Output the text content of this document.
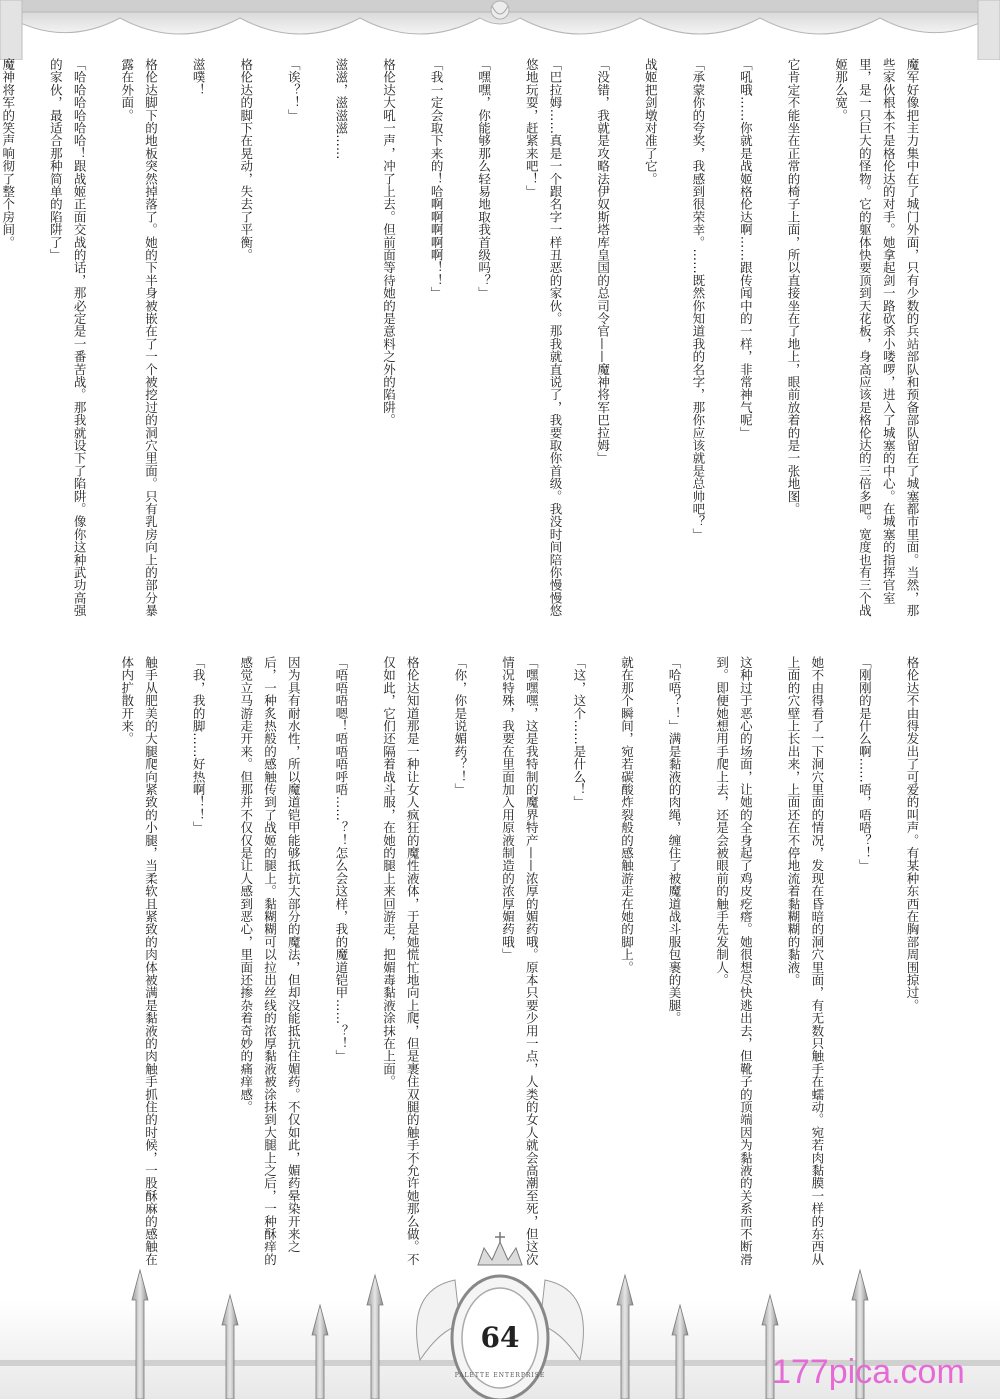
魔军好像把主力集中在了城门外面，只有少数的兵站部队和预备部队留在了城塞都市里面。当然，那些家伙根本不是格伦达的对手。她拿起剑一路砍杀小喽啰，进入了城塞的中心。在城塞的指挥官室里，是一只巨大的怪物。它的躯体快要顶到天花板，身高应该是格伦达的三倍多吧。宽度也有三个战姬那么宽。

它肯定不能坐在正常的椅子上面，所以直接坐在了地上，眼前放着的是一张地图。

「吼哦……你就是战姬格伦达啊……跟传闻中的一样，非常神气呢」

「承蒙你的夸奖，我感到很荣幸。……既然你知道我的名字，那你应该就是总帅吧？」

战姬把剑墩对准了它。

「没错，我就是攻略法伊奴斯塔库皇国的总司令官——魔神将军巴拉姆」

「巴拉姆……真是一个跟名字一样丑恶的家伙。那我就直说了，我要取你首级。我没时间陪你慢慢悠悠地玩耍，赶紧来吧！」

「嘿嘿，你能够那么轻易地取我首级吗？」

「我一定会取下来的！哈啊啊啊啊啊！！」

格伦达大吼一声，冲了上去。但前面等待她的是意料之外的陷阱。

滋滋，滋滋滋……

「诶？！」

格伦达的脚下在晃动，失去了平衡。

滋噗！

格伦达脚下的地板突然掉落了。她的下半身被嵌在了一个被挖过的洞穴里面。只有乳房向上的部分暴露在外面。

「哈哈哈哈哈哈！跟战姬正面交战的话，那必定是一番苦战。那我就设下了陷阱。像你这种武功高强的家伙，最适合那种简单的陷阱了」

魔神将军的笑声响彻了整个房间。

格伦达不由得发出了可爱的叫声。有某种东西在胸部周围掠过。

「刚刚的是什么啊……唔，唔唔？！」

她不由得看了一下洞穴里面的情况，发现在昏暗的洞穴里面，有无数只触手在蠕动。宛若肉黏膜一样的东西从上面的穴壁上长出来，上面还在不停地流着黏糊糊的黏液。

这种过于恶心的场面，让她的全身起了鸡皮疙瘩。她很想尽快逃出去，但靴子的顶端因为黏液的关系而不断滑到。即便她想用手爬上去，还是会被眼前的触手先发制人。

「哈唔？！」满是黏液的肉绳，缠住了被魔道战斗服包裹的美腿。

就在那个瞬间，宛若碳酸炸裂般的感触游走在她的脚上。

「这，这个……是什么！」

「嘿嘿嘿，这是我特制的魔界特产——浓厚的媚药哦。原本只要少用一点，人类的女人就会高潮至死，但这次情况特殊，我要在里面加入用原液制造的浓厚媚药哦」

「你，你是说媚药？！」

格伦达知道那是一种让女人疯狂的魔性液体，于是她慌忙地向上爬，但是裹住双腿的触手不允许她那么做。不仅如此，它们还隔着战斗服，在她的腿上来回游走，把媚毒黏液涂抹在上面。

「唔唔唔嗯！唔唔唔呼唔……？！怎么会这样，我的魔道铠甲……？！」

因为具有耐水性，所以魔道铠甲能够抵抗大部分的魔法，但却没能抵抗住媚药。不仅如此，媚药晕染开来之后，一种炙热般的感触传到了战姬的腿上。黏糊糊可以拉出丝线的浓厚黏液被涂抹到大腿上之后，一种酥痒的感觉立马游走开来。但那并不仅仅是让人感到恶心，里面还掺杂着奇妙的痛痒感。

「我，我的脚……好热啊！！」

触手从肥美的大腿爬向紧致的小腿，当柔软且紧致的肉体被满是黏液的肉触手抓住的时候，一股酥麻的感触在体内扩散开来。

64
PALETTE ENTERPRISE	177pica.com
